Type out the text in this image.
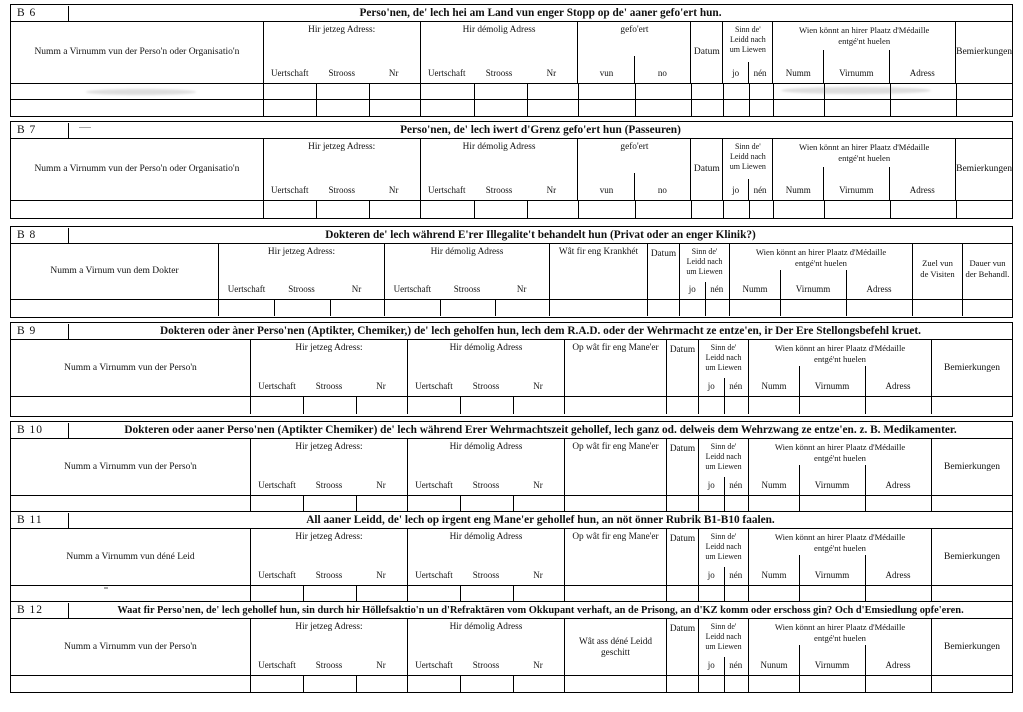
B 6	Perso'nen, de' lech hei am Land vun enger Stopp op de' aaner gefo'ert hun.
Numm a Virnumm vun der Perso'n oder Organisatio'n
Hir jetzeg Adress:
Uertschaft	Strooss	Nr
Hir démolig Adress
Uertschaft	Strooss	Nr
gefo'ert
vun	no
Datum
Sinn de'
Leidd nach
um Liewen
jo	nén
Wien könnt an hirer Plaatz d'Médaille
entgé'nt huelen
Numm	Virnumm	Adress
Bemierkungen
B 7	Perso'nen, de' lech iwert d'Grenz gefo'ert hun (Passeuren)
Numm a Virnumm vun der Perso'n oder Organisatio'n
Hir jetzeg Adress:
Uertschaft	Strooss	Nr
Hir démolig Adress
Uertschaft	Strooss	Nr
gefo'ert
vun	no
Datum
Sinn de'
Leidd nach
um Liewen
jo	nén
Wien könnt an hirer Plaatz d'Médaille
entgé'nt huelen
Numm	Virnumm	Adress
Bemierkungen
B 8	Dokteren de' lech während E'rer Illegalite't behandelt hun (Privat oder an enger Klinik?)
Numm a Virnum vun dem Dokter
Hir jetzeg Adress:
Uertschaft	Strooss	Nr
Hir démolig Adress
Uertschaft	Strooss	Nr
Wât fir eng Krankhét	Datum	Sinn de'
Leidd nach
um Liewen
jo	nén
Wien könnt an hirer Plaatz d'Médaille
entgé'nt huelen
Numm	Virnumm	Adress
Zuel vun
de Visiten
Dauer vun
der Behandl.
B 9	Dokteren oder àner Perso'nen (Aptikter, Chemiker,) de' lech geholfen hun, lech dem R.A.D. oder der Wehrmacht ze entze'en, ir Der Ere Stellongsbefehl kruet.
Numm a Virnumm vun der Perso'n
Hir jetzeg Adress:
Uertschaft	Strooss	Nr
Hir démolig Adress
Uertschaft	Strooss	Nr
Op wât fir eng Mane'er	Datum	Sinn de'
Leidd nach
um Liewen
jo	nén
Wien könnt an hirer Plaatz d'Médaille
entgé'nt huelen
Numm	Virnumm	Adress
Bemierkungen
B 10	Dokteren oder aaner Perso'nen (Aptikter Chemiker) de' lech während Erer Wehrmachtszeit gehollef, lech ganz od. delweis dem Wehrzwang ze entze'en. z. B. Medikamenter.
Numm a Virnumm vun der Perso'n
Hir jetzeg Adress:
Uertschaft	Strooss	Nr
Hir démolig Adress
Uertschaft	Strooss	Nr
Op wât fir eng Mane'er	Datum	Sinn de'
Leidd nach
um Liewen
jo	nén
Wien könnt an hirer Plaatz d'Médaille
entgé'nt huelen
Numm	Virnumm	Adress
Bemierkungen
B 11	All aaner Leidd, de' lech op irgent eng Mane'er gehollef hun, an nöt önner Rubrik B1-B10 faalen.
Numm a Virnumm vun déné Leid
Hir jetzeg Adress:
Uertschaft	Strooss	Nr
Hir démolig Adress
Uertschaft	Strooss	Nr
Op wât fir eng Mane'er	Datum	Sinn de'
Leidd nach
um Liewen
jo	nén
Wien könnt an hirer Plaatz d'Médaille
entgé'nt huelen
Numm	Virnumm	Adress
Bemierkungen
B 12	Waat fir Perso'nen, de' lech gehollef hun, sin durch hir Höllefsaktio'n un d'Refraktären vom Okkupant verhaft, an de Prisong, an d'KZ komm oder erschoss gin? Och d'Emsiedlung opfe'eren.
Numm a Virnumm vun der Perso'n
Hir jetzeg Adress:
Uertschaft	Strooss	Nr
Hir démolig Adress
Uertschaft	Strooss	Nr
Wât ass déné Leidd
geschitt
Datum	Sinn de'
Leidd nach
um Liewen
jo	nén
Wien könnt an hirer Plaatz d'Médaille
entgé'nt huelen
Nunum	Virnumm	Adress
Bemierkungen
